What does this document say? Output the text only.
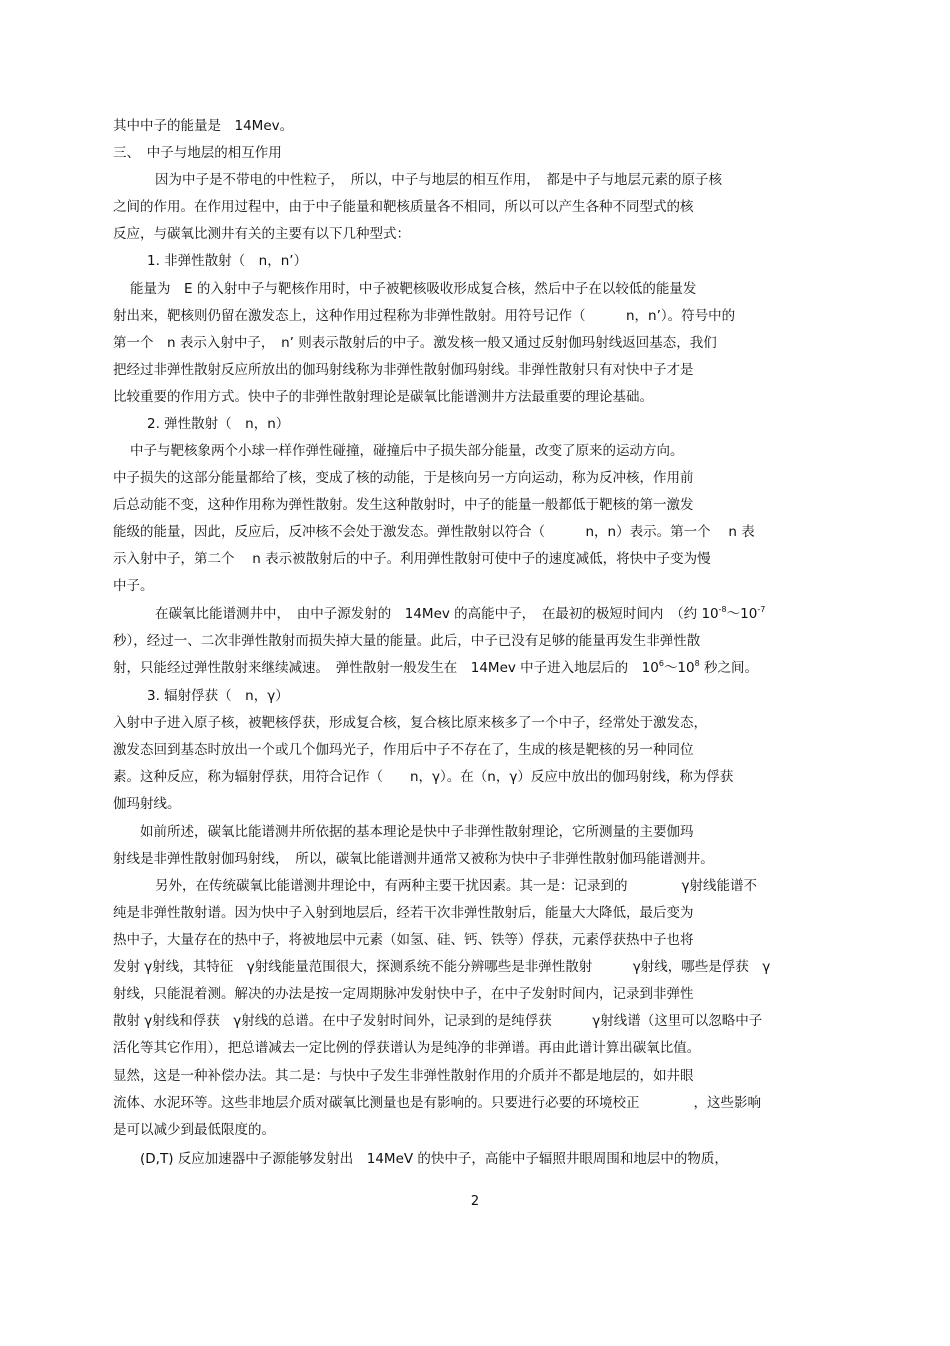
其中中子的能量是　14Mev。
三、　中子与地层的相互作用
因为中子是不带电的中性粒子，　所以，中子与地层的相互作用，　都是中子与地层元素的原子核
之间的作用。在作用过程中，由于中子能量和靶核质量各不相同，所以可以产生各种不同型式的核
反应，与碳氧比测井有关的主要有以下几种型式：
1. 非弹性散射（　n，n’）
能量为　E 的入射中子与靶核作用时，中子被靶核吸收形成复合核，然后中子在以较低的能量发
射出来，靶核则仍留在激发态上，这种作用过程称为非弹性散射。用符号记作（　　　n，n’）。符号中的
第一个　n 表示入射中子，　n’ 则表示散射后的中子。激发核一般又通过反射伽玛射线返回基态，我们
把经过非弹性散射反应所放出的伽玛射线称为非弹性散射伽玛射线。非弹性散射只有对快中子才是
比较重要的作用方式。快中子的非弹性散射理论是碳氧比能谱测井方法最重要的理论基础。
2. 弹性散射（　n，n）
中子与靶核象两个小球一样作弹性碰撞，碰撞后中子损失部分能量，改变了原来的运动方向。
中子损失的这部分能量都给了核，变成了核的动能，于是核向另一方向运动，称为反冲核，作用前
后总动能不变，这种作用称为弹性散射。发生这种散射时，中子的能量一般都低于靶核的第一激发
能级的能量，因此，反应后，反冲核不会处于激发态。弹性散射以符合（　　　n，n）表示。第一个　 n 表
示入射中子，第二个　 n 表示被散射后的中子。利用弹性散射可使中子的速度减低，将快中子变为慢
中子。
在碳氧比能谱测井中，　由中子源发射的　14Mev 的高能中子，　在最初的极短时间内　（约 $10^{-8}\sim 10^{-7}$
秒），经过一、二次非弹性散射而损失掉大量的能量。此后，中子已没有足够的能量再发生非弹性散
射，只能经过弹性散射来继续减速。　弹性散射一般发生在　14Mev 中子进入地层后的　$10^6\sim 10^8$ 秒之间。
3. 辐射俘获（　n，γ）
入射中子进入原子核，被靶核俘获，形成复合核，复合核比原来核多了一个中子，经常处于激发态，
激发态回到基态时放出一个或几个伽玛光子，作用后中子不存在了，生成的核是靶核的另一种同位
素。这种反应，称为辐射俘获，用符合记作（　　n，γ）。在（n，γ）反应中放出的伽玛射线，称为俘获
伽玛射线。
如前所述，碳氧比能谱测井所依据的基本理论是快中子非弹性散射理论，它所测量的主要伽玛
射线是非弹性散射伽玛射线，　所以，碳氧比能谱测井通常又被称为快中子非弹性散射伽玛能谱测井。
另外，在传统碳氧比能谱测井理论中，有两种主要干扰因素。其一是：记录到的　　　　γ射线能谱不
纯是非弹性散射谱。因为快中子入射到地层后，经若干次非弹性散射后，能量大大降低，最后变为
热中子，大量存在的热中子，将被地层中元素（如氢、硅、钙、铁等）俘获，元素俘获热中子也将
发射 γ射线，其特征　γ射线能量范围很大，探测系统不能分辨哪些是非弹性散射　　　γ射线，哪些是俘获　γ
射线，只能混着测。解决的办法是按一定周期脉冲发射快中子，在中子发射时间内，记录到非弹性
散射 γ射线和俘获　γ射线的总谱。在中子发射时间外，记录到的是纯俘获　　　γ射线谱（这里可以忽略中子
活化等其它作用），把总谱减去一定比例的俘获谱认为是纯净的非弹谱。再由此谱计算出碳氧比值。
显然，这是一种补偿办法。其二是：与快中子发生非弹性散射作用的介质并不都是地层的，如井眼
流体、水泥环等。这些非地层介质对碳氧比测量也是有影响的。只要进行必要的环境校正　　　　，这些影响
是可以减少到最低限度的。
(D,T) 反应加速器中子源能够发射出　14MeV 的快中子，高能中子辐照井眼周围和地层中的物质，
2
